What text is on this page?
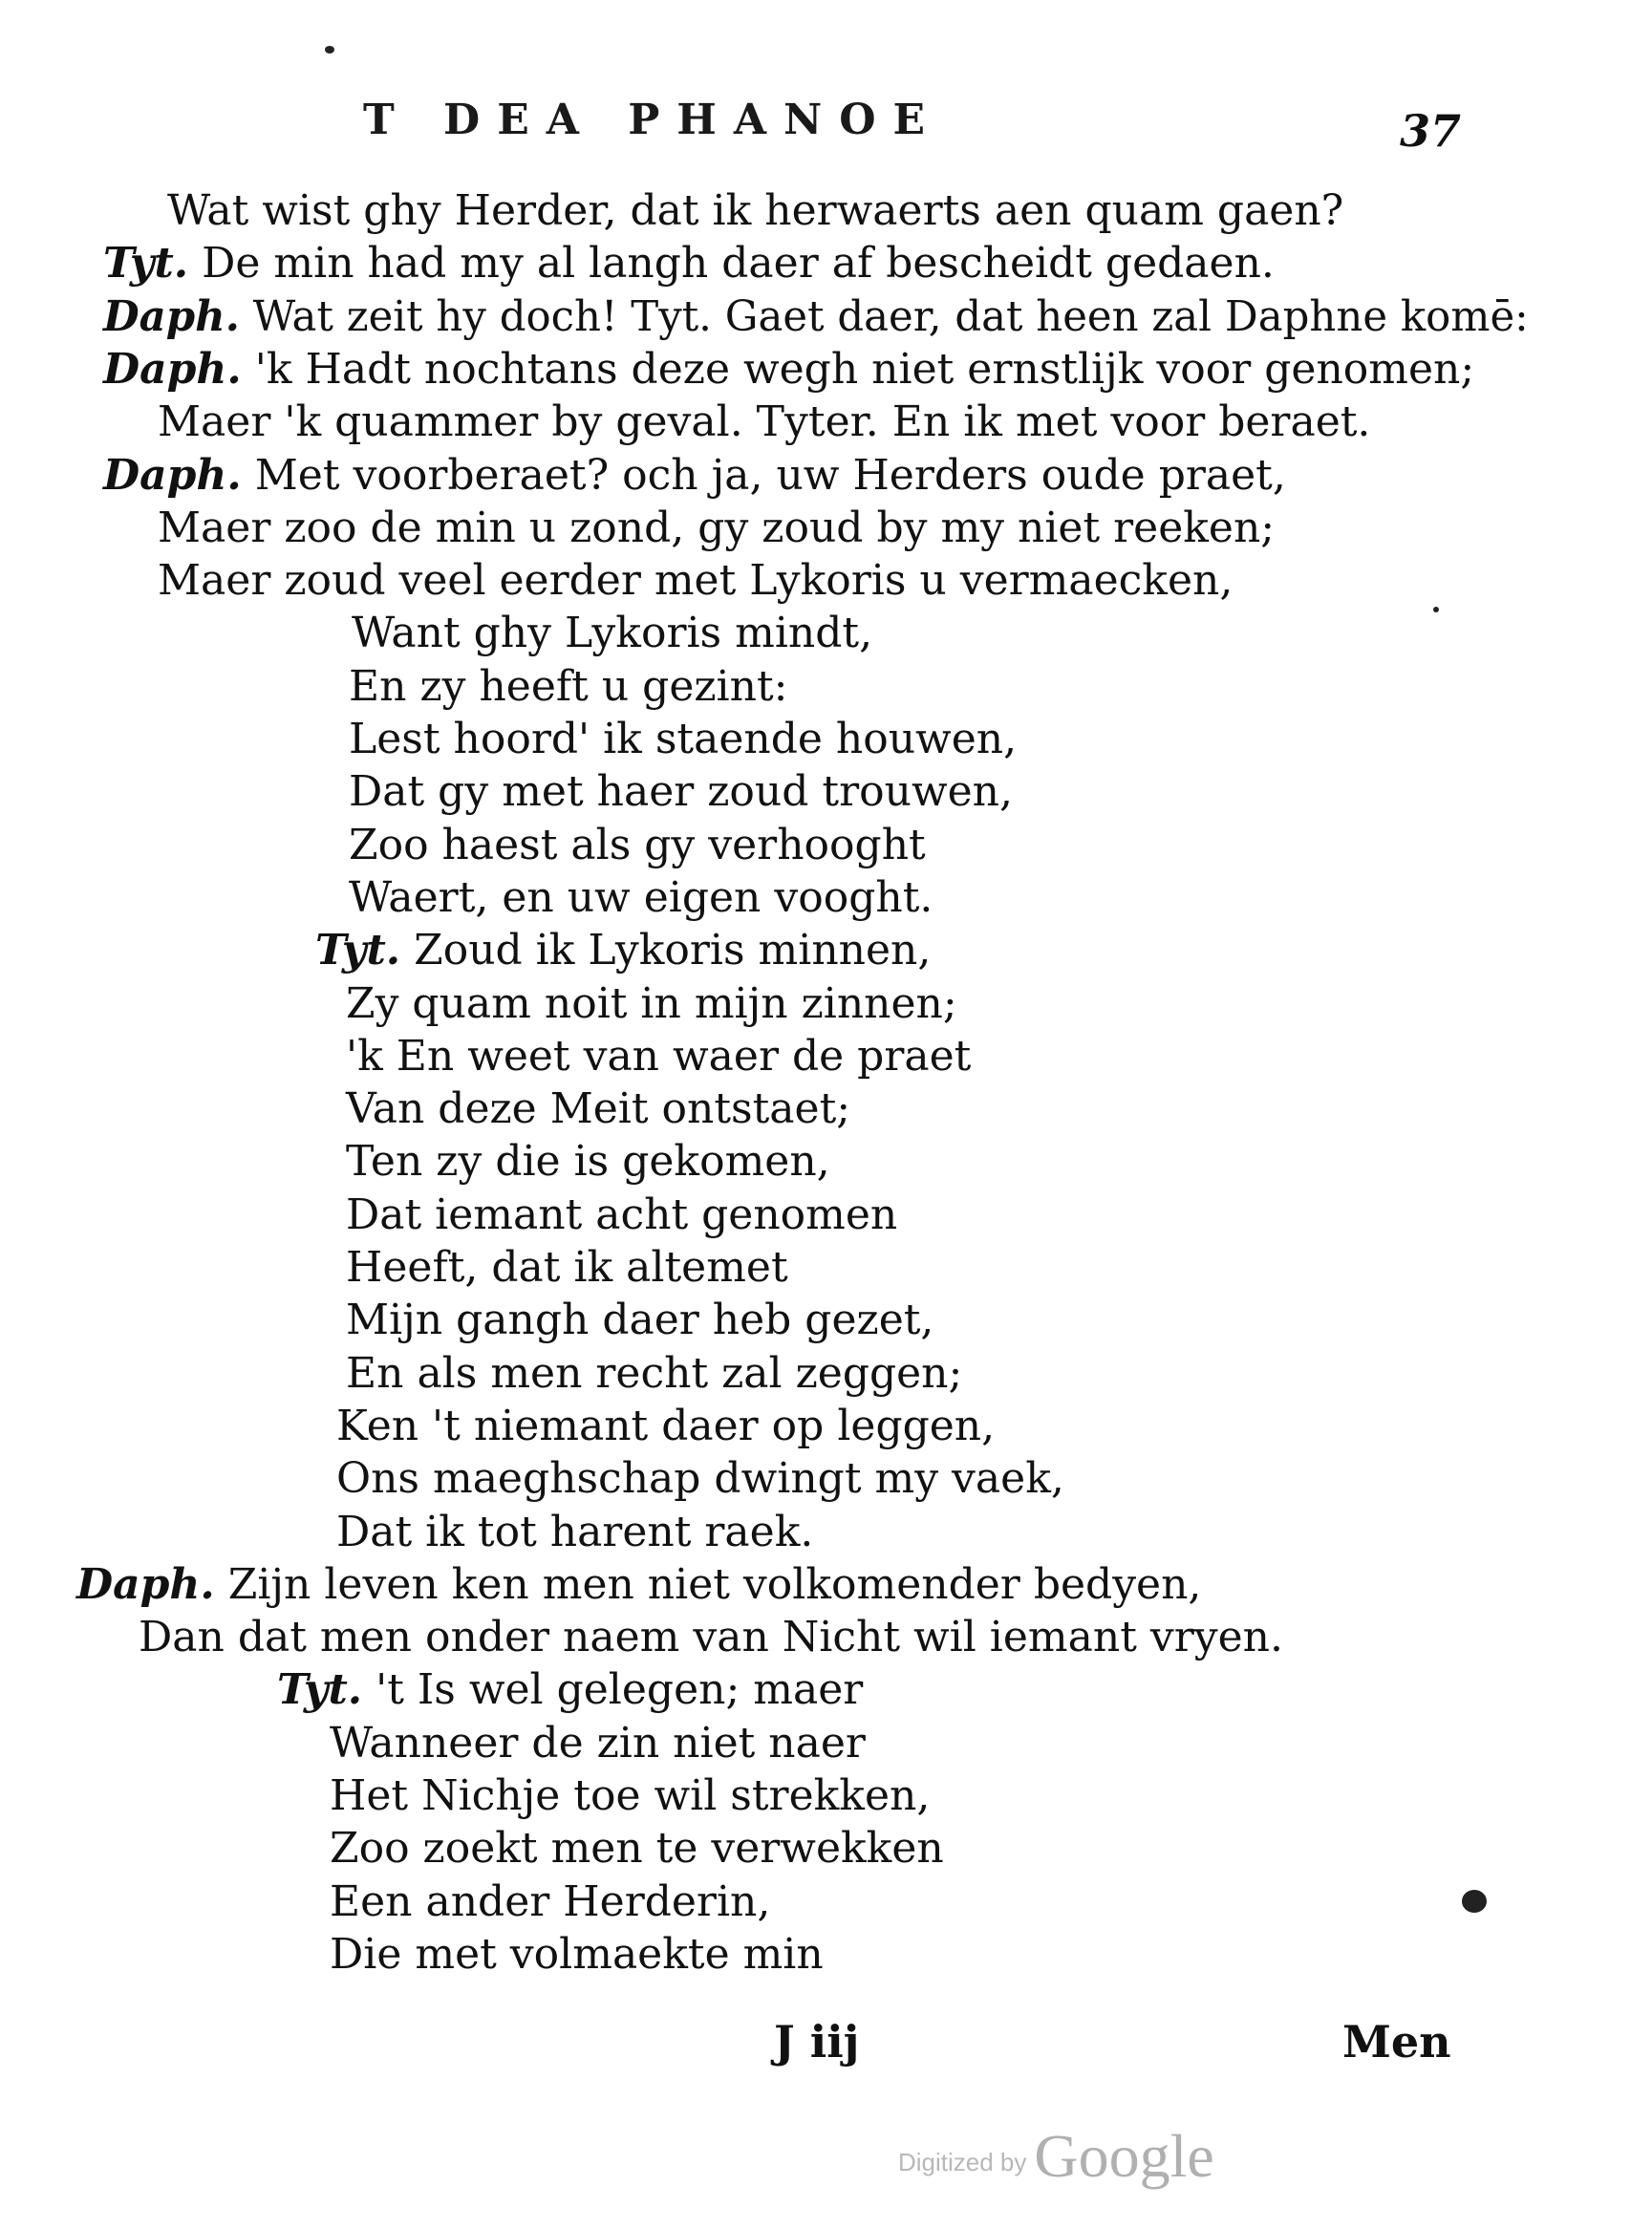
T DEA PHANOE	37
Wat wist ghy Herder, dat ik herwaerts aen quam gaen?
Tyt. De min had my al langh daer af bescheidt gedaen.
Daph. Wat zeit hy doch! Tyt. Gaet daer, dat heen zal Daphne komē:
Daph. 'k Hadt nochtans deze wegh niet ernstlijk voor genomen;
Maer 'k quammer by geval. Tyter. En ik met voor beraet.
Daph. Met voorberaet? och ja, uw Herders oude praet,
Maer zoo de min u zond, gy zoud by my niet reeken;
Maer zoud veel eerder met Lykoris u vermaecken,
Want ghy Lykoris mindt,
En zy heeft u gezint:
Lest hoord' ik staende houwen,
Dat gy met haer zoud trouwen,
Zoo haest als gy verhooght
Waert, en uw eigen vooght.
Tyt. Zoud ik Lykoris minnen,
Zy quam noit in mijn zinnen;
'k En weet van waer de praet
Van deze Meit ontstaet;
Ten zy die is gekomen,
Dat iemant acht genomen
Heeft, dat ik altemet
Mijn gangh daer heb gezet,
En als men recht zal zeggen;
Ken 't niemant daer op leggen,
Ons maeghschap dwingt my vaek,
Dat ik tot harent raek.
Daph. Zijn leven ken men niet volkomender bedyen,
Dan dat men onder naem van Nicht wil iemant vryen.
Tyt. 't Is wel gelegen; maer
Wanneer de zin niet naer
Het Nichje toe wil strekken,
Zoo zoekt men te verwekken
Een ander Herderin,
Die met volmaekte min
J iij	Men
Digitized by Google
